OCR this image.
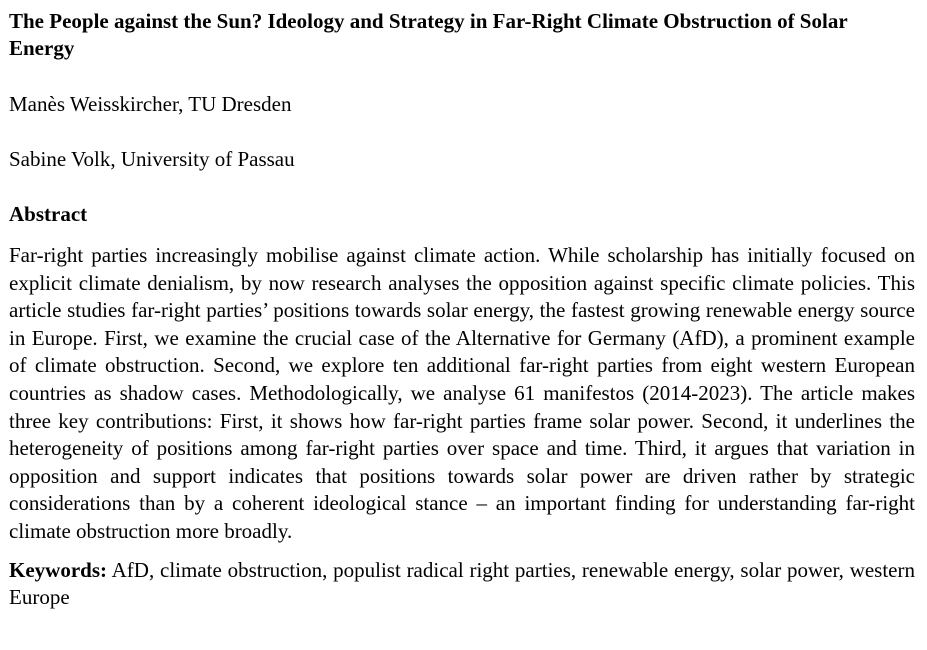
The People against the Sun? Ideology and Strategy in Far-Right Climate Obstruction of Solar Energy

Manès Weisskircher, TU Dresden

Sabine Volk, University of Passau

Abstract

Far-right parties increasingly mobilise against climate action. While scholarship has initially focused on explicit climate denialism, by now research analyses the opposition against specific climate policies. This article studies far-right parties’ positions towards solar energy, the fastest growing renewable energy source in Europe. First, we examine the crucial case of the Alternative for Germany (AfD), a prominent example of climate obstruction. Second, we explore ten additional far-right parties from eight western European countries as shadow cases. Methodologically, we analyse 61 manifestos (2014-2023). The article makes three key contributions: First, it shows how far-right parties frame solar power. Second, it underlines the heterogeneity of positions among far-right parties over space and time. Third, it argues that variation in opposition and support indicates that positions towards solar power are driven rather by strategic considerations than by a coherent ideological stance – an important finding for understanding far-right climate obstruction more broadly.

Keywords: AfD, climate obstruction, populist radical right parties, renewable energy, solar power, western Europe
